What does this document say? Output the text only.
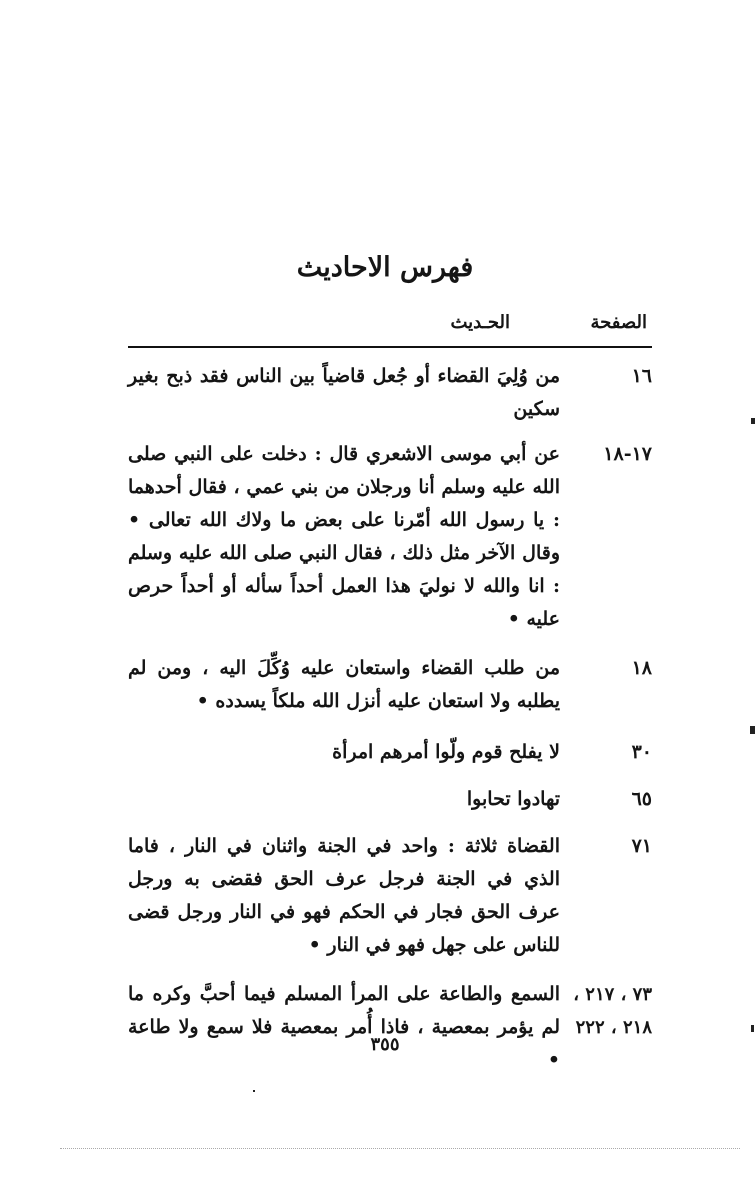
فهرس الاحاديث
الصفحة
الحـديث
١٦
من وُلِيَ القضاء أو جُعل قاضياً بين الناس فقد ذبح بغير سكين
١٧-١٨
عن أبي موسى الاشعري قال : دخلت على النبي صلى الله عليه وسلم أنا ورجلان من بني عمي ، فقال أحدهما : يا رسول الله أمّرنا على بعض ما ولاك الله تعالى • وقال الآخر مثل ذلك ، فقال النبي صلى الله عليه وسلم : انا والله لا نوليَ هذا العمل أحداً سأله أو أحداً حرص عليه •
١٨
من طلب القضاء واستعان عليه وُكِّلَ اليه ، ومن لم يطلبه ولا استعان عليه أنزل الله ملكاً يسدده •
٣٠
لا يفلح قوم ولّوا أمرهم امرأة
٦٥
تهادوا تحابوا
٧١
القضاة ثلاثة : واحد في الجنة واثنان في النار ، فاما الذي في الجنة فرجل عرف الحق فقضى به ورجل عرف الحق فجار في الحكم فهو في النار ورجل قضى للناس على جهل فهو في النار •
٧٣ ، ٢١٧ ، ٢١٨ ، ٢٢٢
السمع والطاعة على المرأ المسلم فيما أحبَّ وكره ما لم يؤمر بمعصية ، فاذا أُمر بمعصية فلا سمع ولا طاعة •
٣٥٥
